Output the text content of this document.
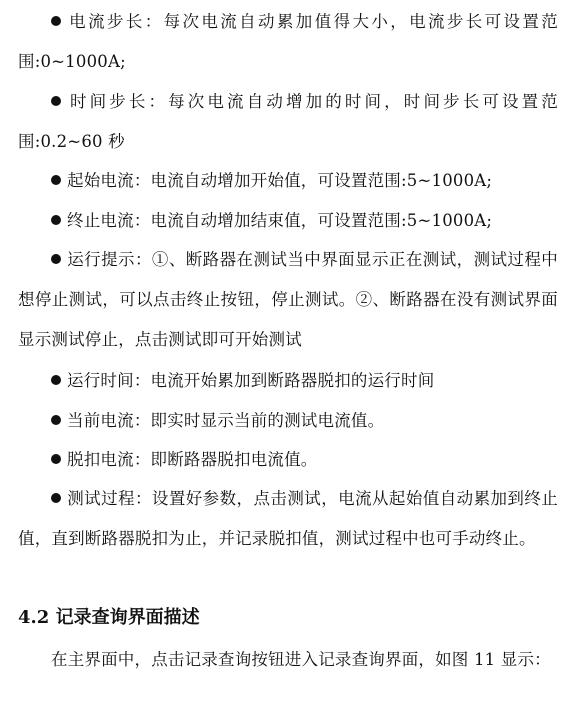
电流步长：每次电流自动累加值得大小，电流步长可设置范围:0~1000A;

时间步长：每次电流自动增加的时间，时间步长可设置范围:0.2~60 秒

起始电流：电流自动增加开始值，可设置范围:5~1000A;

终止电流：电流自动增加结束值，可设置范围:5~1000A;

运行提示：①、断路器在测试当中界面显示正在测试，测试过程中想停止测试，可以点击终止按钮，停止测试。②、断路器在没有测试界面显示测试停止，点击测试即可开始测试

运行时间：电流开始累加到断路器脱扣的运行时间

当前电流：即实时显示当前的测试电流值。

脱扣电流：即断路器脱扣电流值。

测试过程：设置好参数，点击测试，电流从起始值自动累加到终止值，直到断路器脱扣为止，并记录脱扣值，测试过程中也可手动终止。

4.2 记录查询界面描述

在主界面中，点击记录查询按钮进入记录查询界面，如图 11 显示：
